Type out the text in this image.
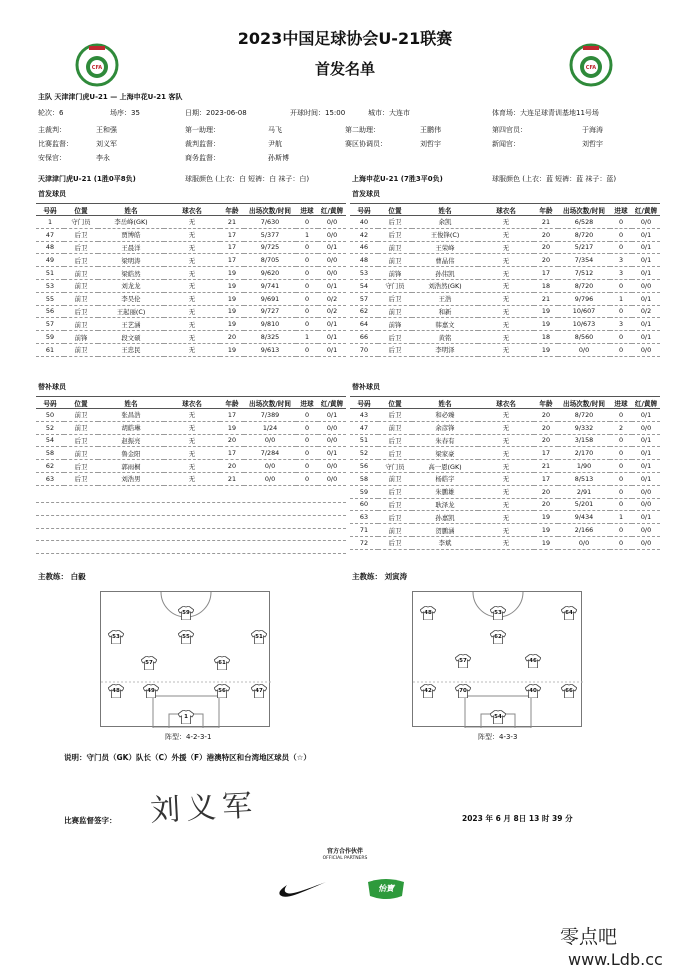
CFA	CFA
2023中国足球协会U-21联赛
首发名单
主队 天津津门虎U-21 — 上海申花U-21 客队
轮次：6	场序：35	日期：2023-06-08	开球时间：15:00	城市：大连市	体育场：大连足球青训基地11号场
主裁判：	王和强	第一助理：	马飞	第二助理：	王鹏伟	第四官员：	于海涛
比赛监督：	刘义军	裁判监督：	尹航	赛区协调员：	刘哲宇	新闻官：	刘哲宇
安保官：	李永	商务监督：	孙斯博
天津津门虎U-21 (1胜0平8负)	球服颜色 (上衣：白 短裤：白 袜子：白)	上海申花U-21 (7胜3平0负)	球服颜色 (上衣：蓝 短裤：蓝 袜子：蓝)
首发球员	首发球员
号码	位置	姓名	球衣名	年龄	出场次数/时间	进球	红/黄牌
1	守门员	李岳峰(GK)	无	21	7/630	0	0/0
47	后卫	贾博皓	无	17	5/377	1	0/0
48	后卫	王晨洋	无	17	9/725	0	0/1
49	后卫	梁明涛	无	17	8/705	0	0/0
51	前卫	梁皓然	无	19	9/620	0	0/0
53	前卫	刘龙龙	无	19	9/741	0	0/1
55	前卫	李昊伦	无	19	9/691	0	0/2
56	后卫	王起丽(C)	无	19	9/727	0	0/2
57	前卫	王艺涵	无	19	9/810	0	0/1
59	前锋	段文硕	无	20	8/325	1	0/1
61	前卫	王忠民	无	19	9/613	0	0/1
号码	位置	姓名	球衣名	年龄	出场次数/时间	进球	红/黄牌
40	后卫	余凯	无	21	6/528	0	0/0
42	后卫	王俊锋(C)	无	20	8/720	0	0/1
46	前卫	王荣峰	无	20	5/217	0	0/1
48	前卫	曹晶伟	无	20	7/354	3	0/1
53	前锋	孙伟凯	无	17	7/512	3	0/1
54	守门员	刘浩然(GK)	无	18	8/720	0	0/0
57	后卫	王浩	无	21	9/796	1	0/1
62	前卫	和新	无	19	10/607	0	0/2
64	前锋	韩嘉文	无	19	10/673	3	0/1
66	后卫	黄铭	无	18	8/560	0	0/1
70	后卫	李明泽	无	19	0/0	0	0/0
替补球员	替补球员
号码	位置	姓名	球衣名	年龄	出场次数/时间	进球	红/黄牌
50	前卫	张昌浩	无	17	7/389	0	0/1
52	前卫	胡皓琳	无	19	1/24	0	0/0
54	后卫	赵振亮	无	20	0/0	0	0/0
58	前卫	鲁金阳	无	17	7/284	0	0/1
62	后卫	郭雨桐	无	20	0/0	0	0/0
63	后卫	刘浩男	无	21	0/0	0	0/0
号码	位置	姓名	球衣名	年龄	出场次数/时间	进球	红/黄牌
43	后卫	和必臻	无	20	8/720	0	0/1
47	前卫	余彦锋	无	20	9/332	2	0/0
51	后卫	朱春有	无	20	3/158	0	0/1
52	后卫	梁家豪	无	17	2/170	0	0/1
56	守门员	高一恩(GK)	无	21	1/90	0	0/1
58	前卫	杨皓宇	无	17	8/513	0	0/1
59	后卫	朱鹏雄	无	20	2/91	0	0/0
60	后卫	耿泽龙	无	20	5/201	0	0/0
63	后卫	孙嘉凯	无	19	9/434	1	0/1
71	前卫	贺鹏涵	无	19	2/166	0	0/0
72	后卫	李斌	无	19	0/0	0	0/0
主教练： 白毅	主教练： 刘寅涛
59
53	55	51
57	61
48	49	56	47
1
48	53	64
62
57	46
42	70	40	66
54
阵型：4-2-3-1	阵型：4-3-3
说明：守门员（GK）队长（C）外援（F）港澳特区和台湾地区球员（☆）
刘义军
比赛监督签字：	2023 年 6 月 8日 13 时 39 分
官方合作伙伴
OFFICIAL PARTNERS
怡寶
零点吧
www.Ldb.cc
